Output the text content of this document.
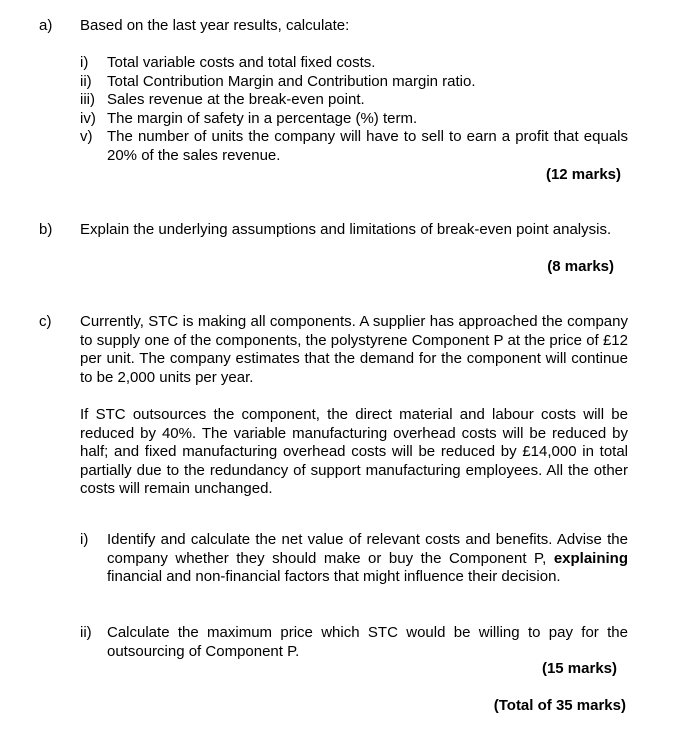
a) Based on the last year results, calculate:
i) Total variable costs and total fixed costs.
ii) Total Contribution Margin and Contribution margin ratio.
iii) Sales revenue at the break-even point.
iv) The margin of safety in a percentage (%) term.
v) The number of units the company will have to sell to earn a profit that equals 20% of the sales revenue.
(12 marks)
b) Explain the underlying assumptions and limitations of break-even point analysis.
(8 marks)
c) Currently, STC is making all components. A supplier has approached the company to supply one of the components, the polystyrene Component P at the price of £12 per unit. The company estimates that the demand for the component will continue to be 2,000 units per year.
If STC outsources the component, the direct material and labour costs will be reduced by 40%. The variable manufacturing overhead costs will be reduced by half; and fixed manufacturing overhead costs will be reduced by £14,000 in total partially due to the redundancy of support manufacturing employees. All the other costs will remain unchanged.
i) Identify and calculate the net value of relevant costs and benefits. Advise the company whether they should make or buy the Component P, explaining financial and non-financial factors that might influence their decision.
ii) Calculate the maximum price which STC would be willing to pay for the outsourcing of Component P.
(15 marks)
(Total of 35 marks)
